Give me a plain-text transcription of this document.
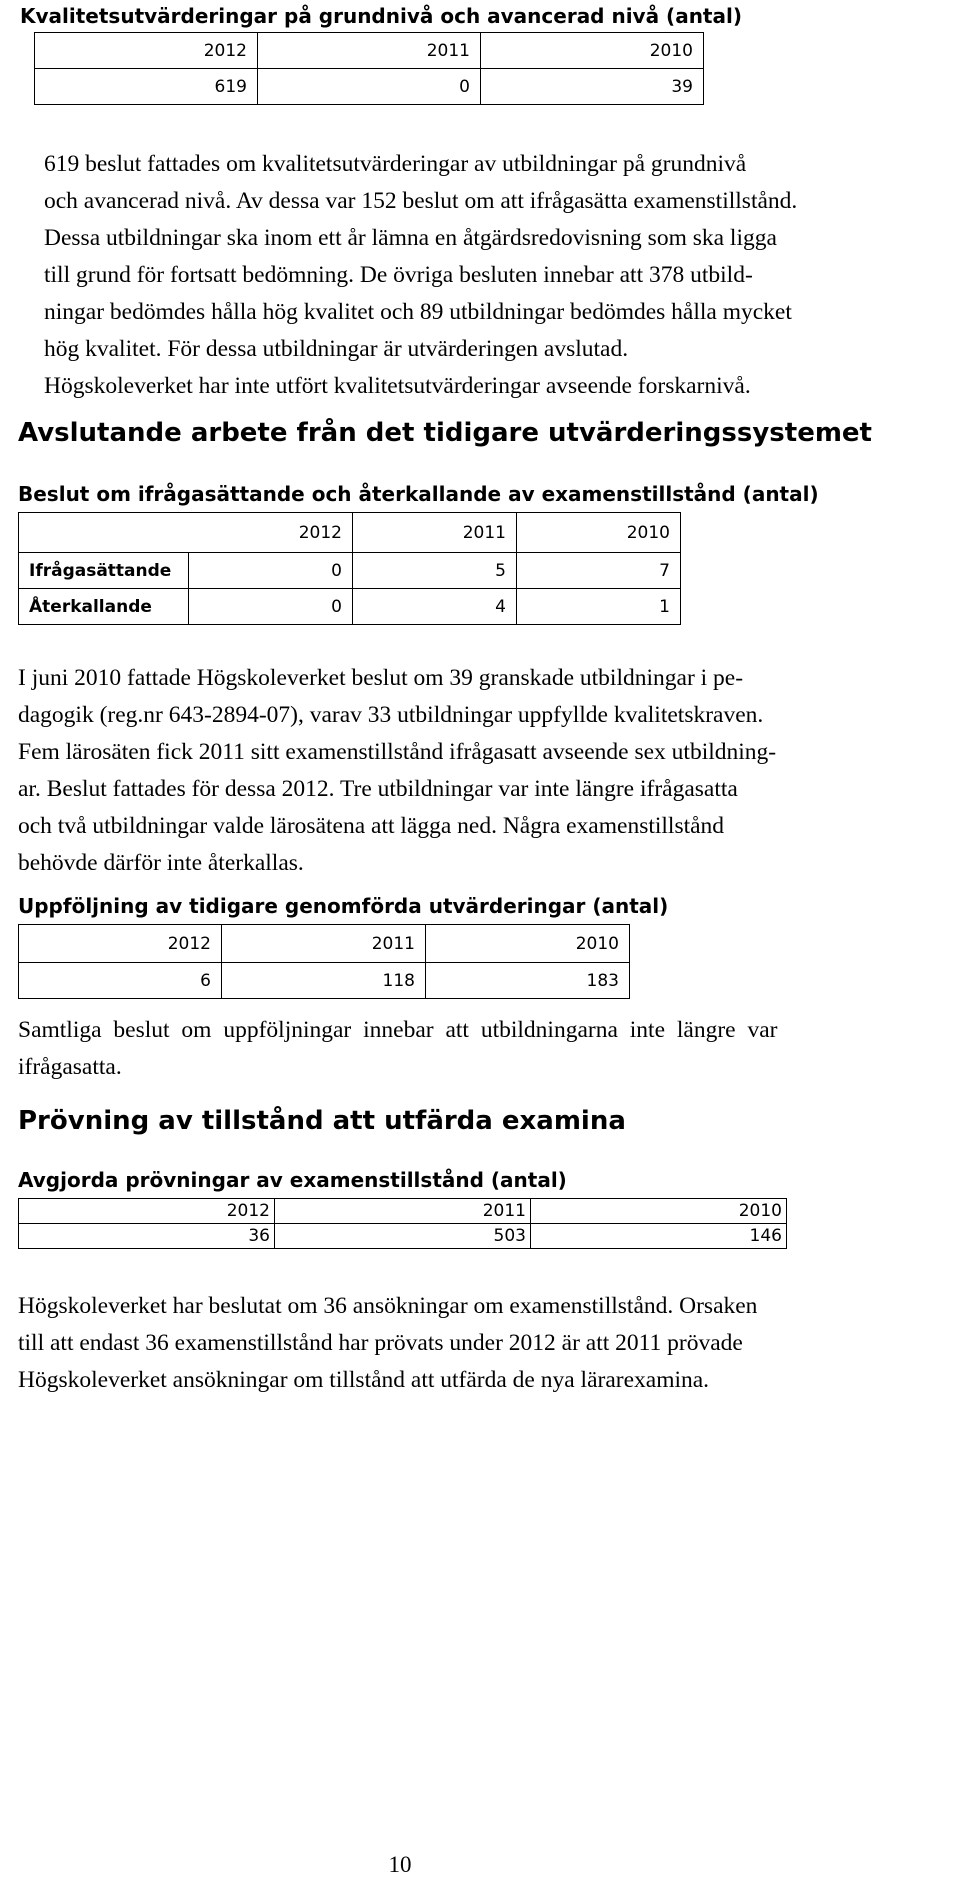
Kvalitetsutvärderingar på grundnivå och avancerad nivå (antal)
2012	2011	2010
619	0	39
619 beslut fattades om kvalitetsutvärderingar av utbildningar på grundnivå
och avancerad nivå. Av dessa var 152 beslut om att ifrågasätta examenstillstånd.
Dessa utbildningar ska inom ett år lämna en åtgärdsredovisning som ska ligga
till grund för fortsatt bedömning. De övriga besluten innebar att 378 utbild-
ningar bedömdes hålla hög kvalitet och 89 utbildningar bedömdes hålla mycket
hög kvalitet. För dessa utbildningar är utvärderingen avslutad.
Högskoleverket har inte utfört kvalitetsutvärderingar avseende forskarnivå.
Avslutande arbete från det tidigare utvärderingssystemet
Beslut om ifrågasättande och återkallande av examenstillstånd (antal)
	2012	2011	2010
Ifrågasättande	0	5	7
Återkallande	0	4	1
I juni 2010 fattade Högskoleverket beslut om 39 granskade utbildningar i pe-
dagogik (reg.nr 643-2894-07), varav 33 utbildningar uppfyllde kvalitetskraven.
Fem lärosäten fick 2011 sitt examenstillstånd ifrågasatt avseende sex utbildning-
ar. Beslut fattades för dessa 2012. Tre utbildningar var inte längre ifrågasatta
och två utbildningar valde lärosätena att lägga ned. Några examenstillstånd
behövde därför inte återkallas.
Uppföljning av tidigare genomförda utvärderingar (antal)
2012	2011	2010
6	118	183
Samtliga beslut om uppföljningar innebar att utbildningarna inte längre var
ifrågasatta.
Prövning av tillstånd att utfärda examina
Avgjorda prövningar av examenstillstånd (antal)
2012	2011	2010
36	503	146
Högskoleverket har beslutat om 36 ansökningar om examenstillstånd. Orsaken
till att endast 36 examenstillstånd har prövats under 2012 är att 2011 prövade
Högskoleverket ansökningar om tillstånd att utfärda de nya lärarexamina.
10
